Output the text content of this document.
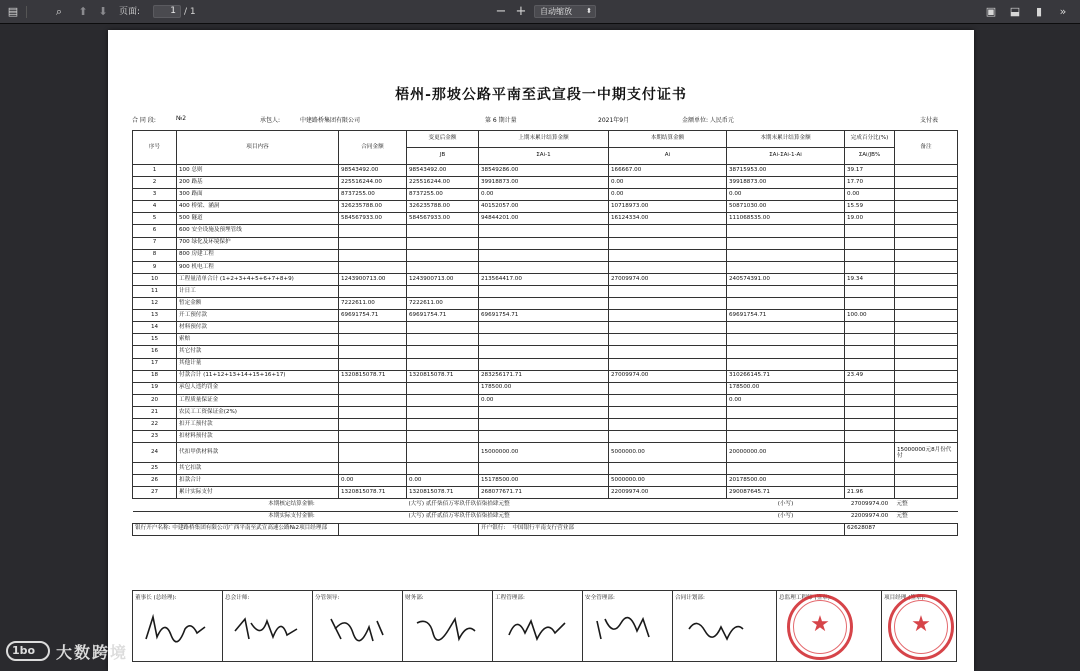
▤	⌕	⬆ ⬇	页面:	1 / 1	− +	自动缩放 ⬍	▣	⬓	▮	»
梧州-那坡公路平南至武宣段一中期支付证书
合 同 段:	№2	承包人:	中建路桥集团有限公司	第 6 期计量	2021年9月	金额单位: 人民币元	支付表
序号	项目内容	合同金额	变更后金额	上期末累计结算金额	本期结算金额	本期末累计结算金额	完成百分比(%)	备注
			JB	ΣAi-1	Ai	ΣAi-ΣAi-1-Ai	ΣAi/JB%	
1	100 总则	98543492.00	98543492.00	38549286.00	166667.00	38715953.00	39.17	
2	200 路基	225516244.00	225516244.00	39918873.00	0.00	39918873.00	17.70	
3	300 路面	8737255.00	8737255.00	0.00	0.00	0.00	0.00	
4	400 桥梁、涵洞	326235788.00	326235788.00	40152057.00	10718973.00	50871030.00	15.59	
5	500 隧道	584567933.00	584567933.00	94844201.00	16124334.00	111068535.00	19.00	
6	600 安全设施及预埋管线							
7	700 绿化及环境保护							
8	800 房建工程							
9	900 机电工程							
10	工程量清单合计 (1+2+3+4+5+6+7+8+9)	1243900713.00	1243900713.00	213564417.00	27009974.00	240574391.00	19.34	
11	计日工							
12	暂定金额	7222611.00	7222611.00					
13	开工预付款	69691754.71	69691754.71	69691754.71		69691754.71	100.00	
14	材料预付款							
15	索赔							
16	其它付款							
17	其他计量							
18	付款合计 (11+12+13+14+15+16+17)	1320815078.71	1320815078.71	283256171.71	27009974.00	310266145.71	23.49	
19	承包人违约罚金			178500.00		178500.00		
20	工程质量保证金			0.00		0.00		
21	农民工工资保证金(2%)							
22	扣开工预付款							
23	扣材料预付款							
24	代扣甲供材料款			15000000.00	5000000.00	20000000.00		15000000元8月份代付
25	其它扣款							
26	扣款合计	0.00	0.00	15178500.00	5000000.00	20178500.00		
27	累计实际支付	1320815078.71	1320815078.71	268077671.71	22009974.00	290087645.71	21.96	
	本期核定结算金额:		(大写) 贰仟柒佰万零玖仟玖佰柒拾肆元整			(小写)	27009974.00	元整
	本期实际支付金额:		(大写) 贰仟贰佰万零玖仟玖佰柒拾肆元整			(小写)	22009974.00	元整
银行开户名称: 中建路桥集团有限公司广西平南至武宣高速公路№2项目经理部				开户银行: 中国银行平南支行营业部			62628087	
董事长 (总经理):	总会计师:	分管领导:	财务部:	工程管理部:	安全管理部:	合同计划部:	总监理工程师 (签章):
★
项目经理 (签章):
★
1bo 大数跨境
